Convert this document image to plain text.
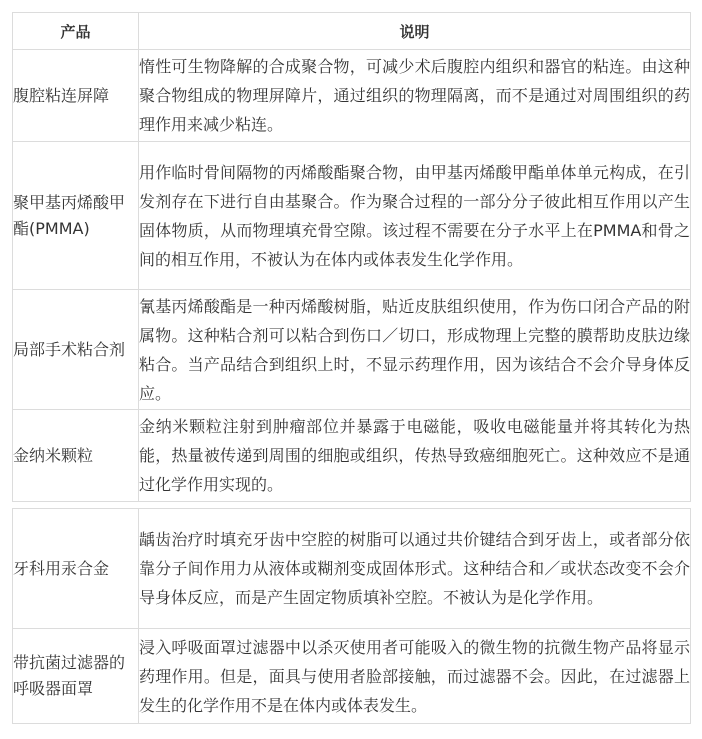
产品	说明
腹腔粘连屏障	惰性可生物降解的合成聚合物，可减少术后腹腔内组织和器官的粘连。由这种聚合物组成的物理屏障片，通过组织的物理隔离，而不是通过对周围组织的药理作用来减少粘连。
聚甲基丙烯酸甲酯(PMMA)	用作临时骨间隔物的丙烯酸酯聚合物，由甲基丙烯酸甲酯单体单元构成，在引发剂存在下进行自由基聚合。作为聚合过程的一部分分子彼此相互作用以产生固体物质，从而物理填充骨空隙。该过程不需要在分子水平上在PMMA和骨之间的相互作用，不被认为在体内或体表发生化学作用。
局部手术粘合剂	氰基丙烯酸酯是一种丙烯酸树脂，贴近皮肤组织使用，作为伤口闭合产品的附属物。这种粘合剂可以粘合到伤口／切口，形成物理上完整的膜帮助皮肤边缘粘合。当产品结合到组织上时，不显示药理作用，因为该结合不会介导身体反应。
金纳米颗粒	金纳米颗粒注射到肿瘤部位并暴露于电磁能，吸收电磁能量并将其转化为热能，热量被传递到周围的细胞或组织，传热导致癌细胞死亡。这种效应不是通过化学作用实现的。
牙科用汞合金	龋齿治疗时填充牙齿中空腔的树脂可以通过共价键结合到牙齿上，或者部分依靠分子间作用力从液体或糊剂变成固体形式。这种结合和／或状态改变不会介导身体反应，而是产生固定物质填补空腔。不被认为是化学作用。
带抗菌过滤器的呼吸器面罩	浸入呼吸面罩过滤器中以杀灭使用者可能吸入的微生物的抗微生物产品将显示药理作用。但是，面具与使用者脸部接触，而过滤器不会。因此，在过滤器上发生的化学作用不是在体内或体表发生。
